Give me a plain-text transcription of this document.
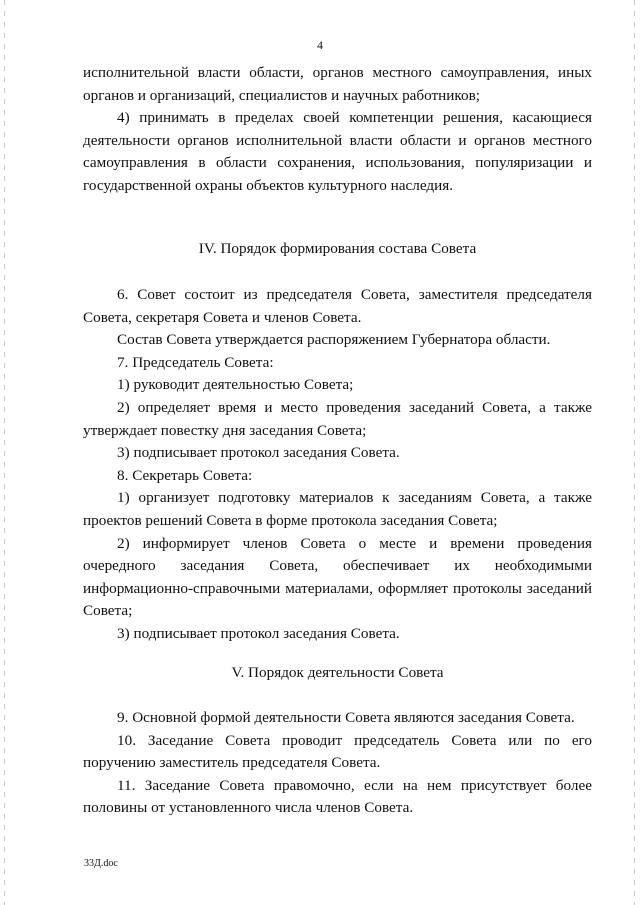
4

исполнительной власти области, органов местного самоуправления, иных органов и организаций, специалистов и научных работников;

4) принимать в пределах своей компетенции решения, касающиеся деятельности органов исполнительной власти области и органов местного самоуправления в области сохранения, использования, популяризации и государственной охраны объектов культурного наследия.

IV. Порядок формирования состава Совета

6. Совет состоит из председателя Совета, заместителя председателя Совета, секретаря Совета и членов Совета.

Состав Совета утверждается распоряжением Губернатора области.

7. Председатель Совета:

1) руководит деятельностью Совета;

2) определяет время и место проведения заседаний Совета, а также утверждает повестку дня заседания Совета;

3) подписывает протокол заседания Совета.

8. Секретарь Совета:

1) организует подготовку материалов к заседаниям Совета, а также проектов решений Совета в форме протокола заседания Совета;

2) информирует членов Совета о месте и времени проведения очередного заседания Совета, обеспечивает их необходимыми информационно-справочными материалами, оформляет протоколы заседаний Совета;

3) подписывает протокол заседания Совета.

V. Порядок деятельности Совета

9. Основной формой деятельности Совета являются заседания Совета.

10. Заседание Совета проводит председатель Совета или по его поручению заместитель председателя Совета.

11. Заседание Совета правомочно, если на нем присутствует более половины от установленного числа членов Совета.

33Д.doc
